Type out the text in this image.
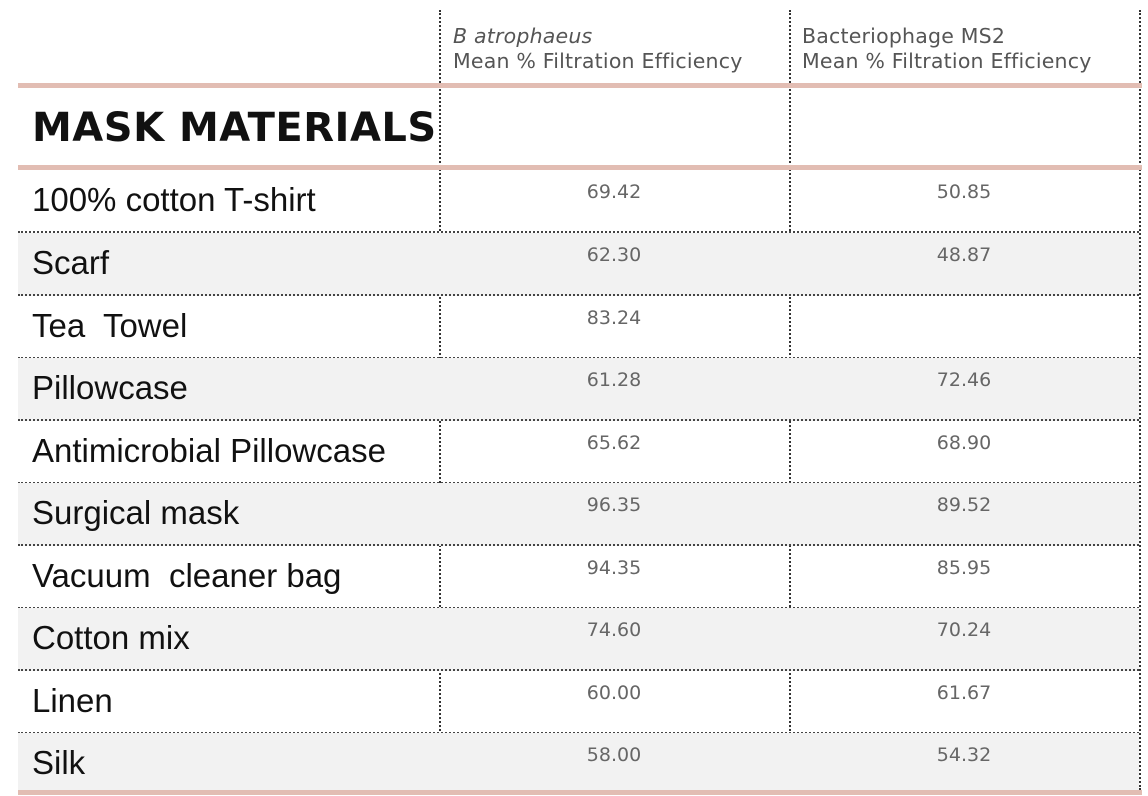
B atrophaeus
Mean % Filtration Efficiency
Bacteriophage MS2
Mean % Filtration Efficiency
MASK MATERIALS
100% cotton T-shirt	69.42	50.85
Scarf	62.30	48.87
Tea  Towel	83.24
Pillowcase	61.28	72.46
Antimicrobial Pillowcase	65.62	68.90
Surgical mask	96.35	89.52
Vacuum  cleaner bag	94.35	85.95
Cotton mix	74.60	70.24
Linen	60.00	61.67
Silk	58.00	54.32
